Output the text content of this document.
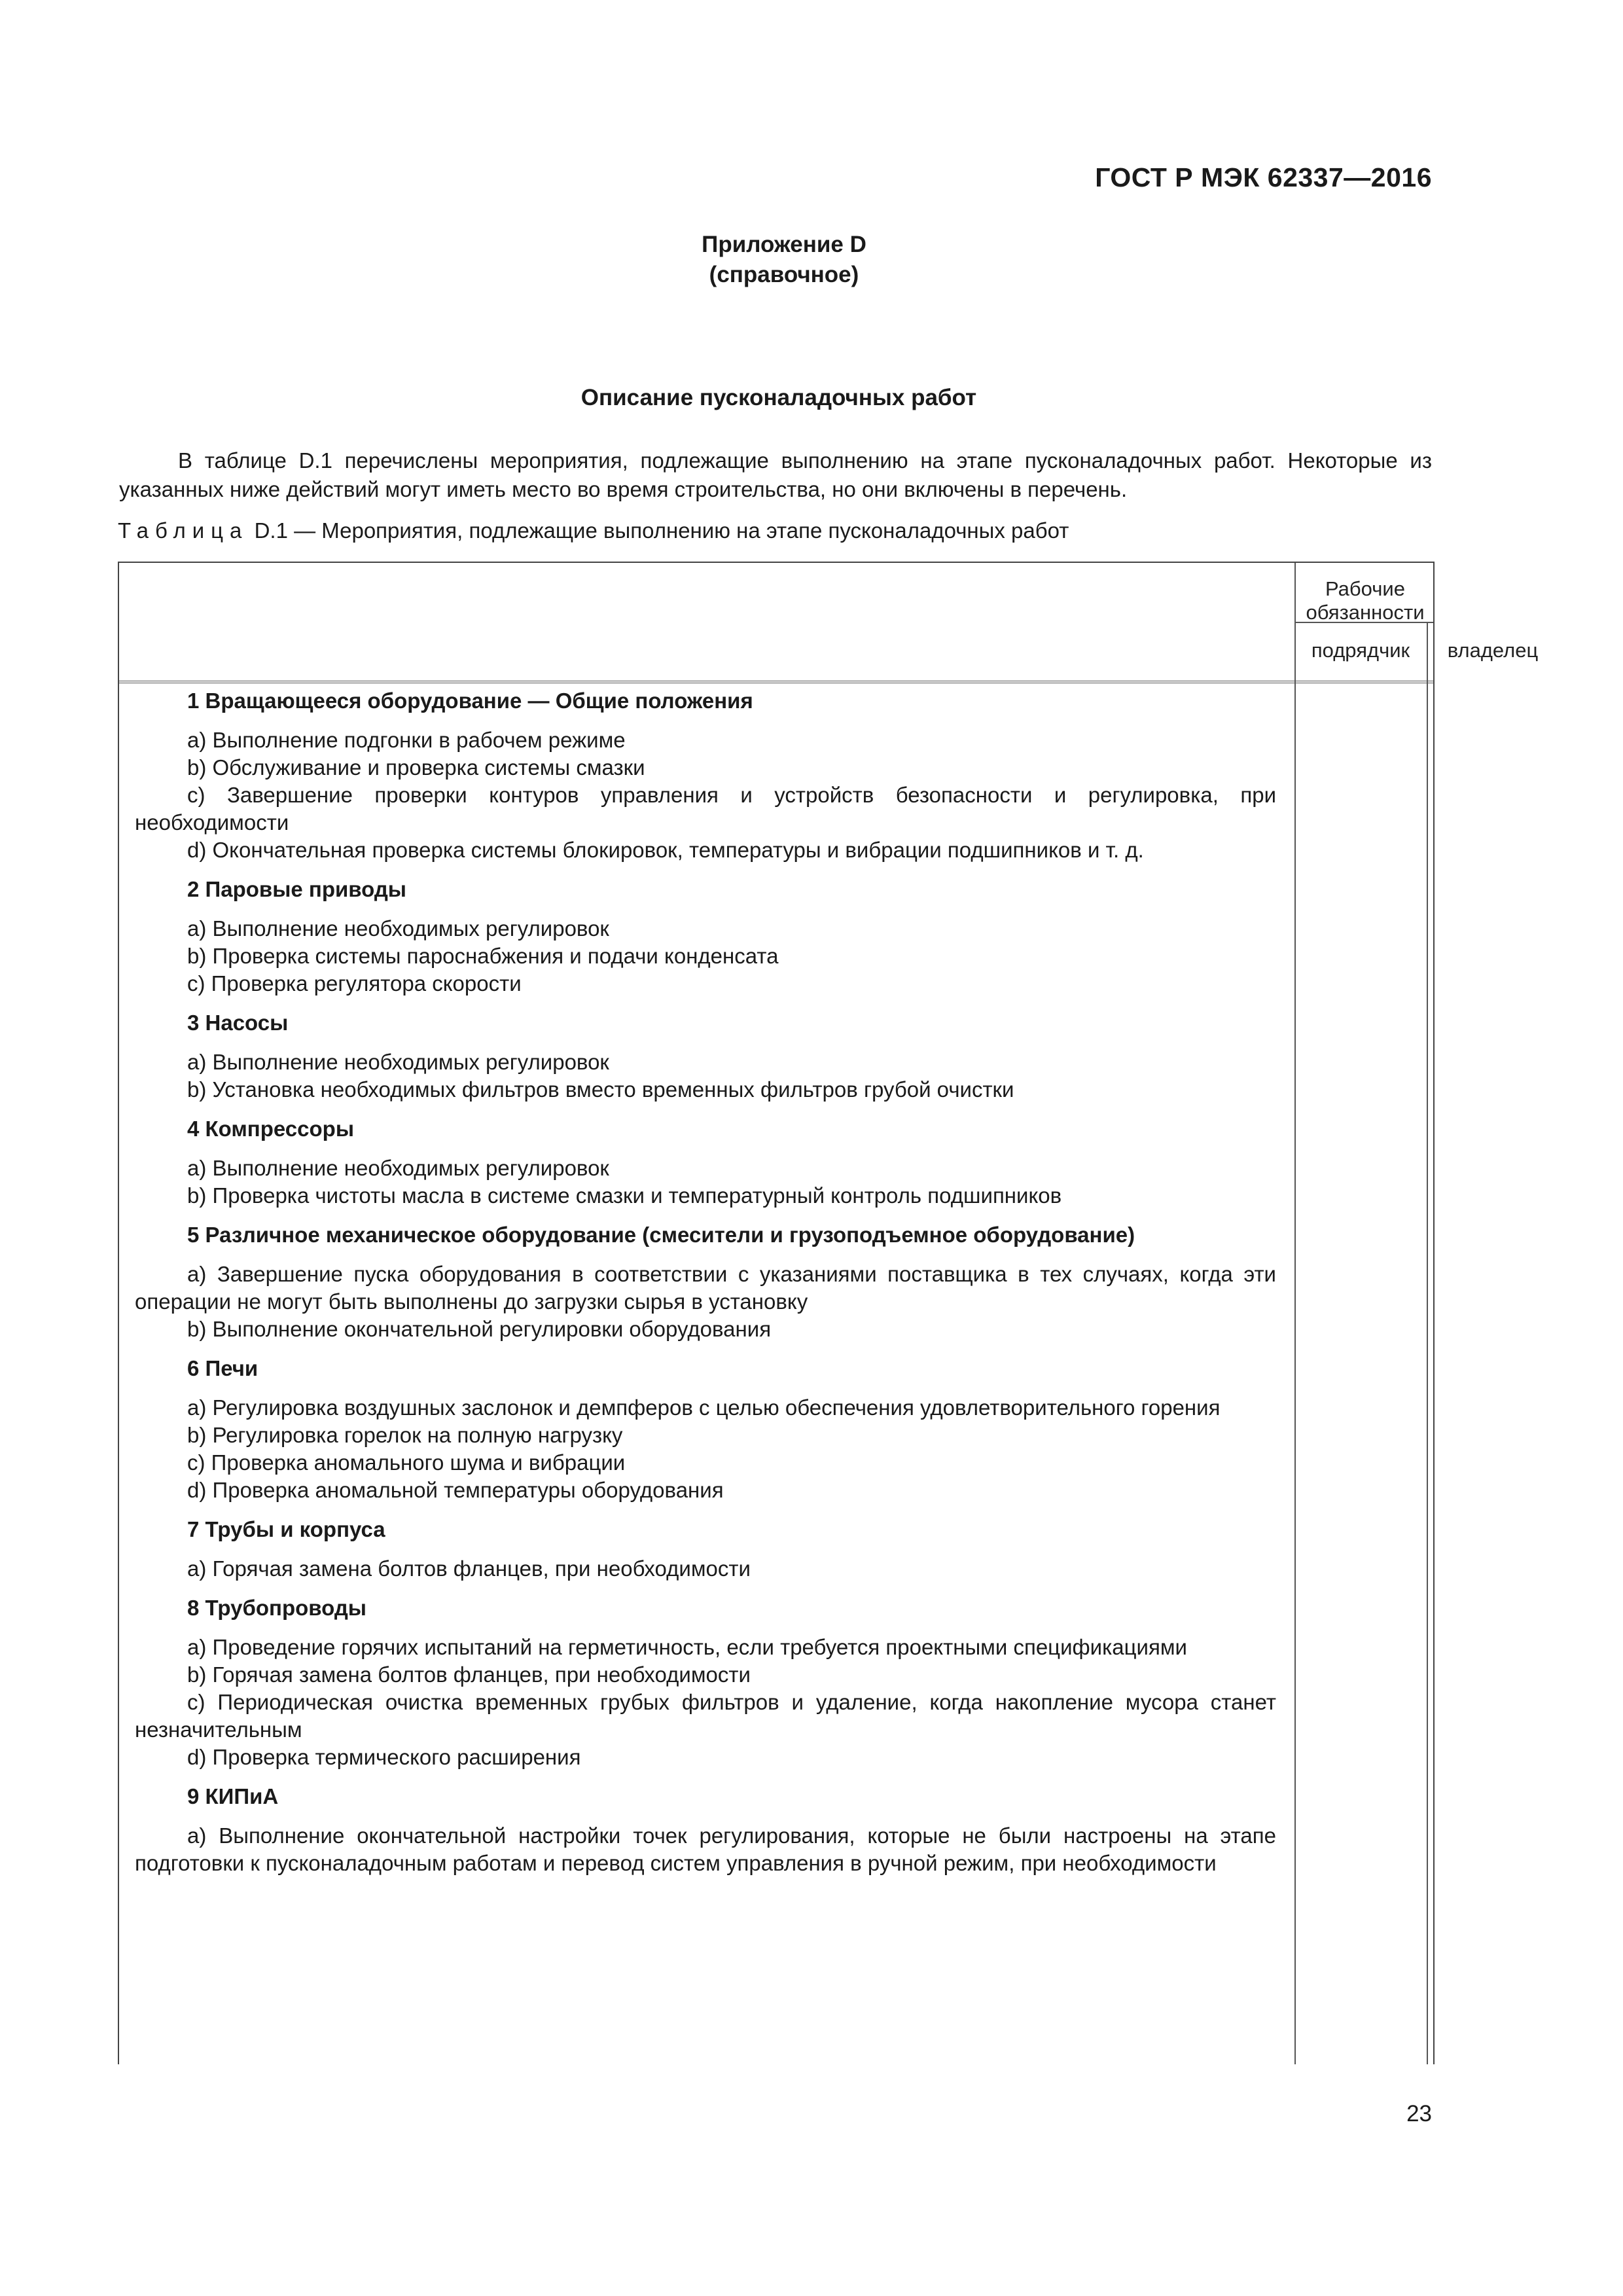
ГОСТ Р МЭК 62337—2016
Приложение D
(справочное)
Описание пусконаладочных работ

В таблице D.1 перечислены мероприятия, подлежащие выполнению на этапе пусконаладочных работ. Некоторые из указанных ниже действий могут иметь место во время строительства, но они включены в перечень.

Таблица D.1 — Мероприятия, подлежащие выполнению на этапе пусконаладочных работ
Рабочие обязанности
подрядчик	владелец
1 Вращающееся оборудование — Общие положения

a) Выполнение подгонки в рабочем режиме

b) Обслуживание и проверка системы смазки

c) Завершение проверки контуров управления и устройств безопасности и регулировка, при необходимости

d) Окончательная проверка системы блокировок, температуры и вибрации подшипников и т. д.

2 Паровые приводы

a) Выполнение необходимых регулировок

b) Проверка системы пароснабжения и подачи конденсата

c) Проверка регулятора скорости

3 Насосы

a) Выполнение необходимых регулировок

b) Установка необходимых фильтров вместо временных фильтров грубой очистки

4 Компрессоры

a) Выполнение необходимых регулировок

b) Проверка чистоты масла в системе смазки и температурный контроль подшипников

5 Различное механическое оборудование (смесители и грузоподъемное оборудование)

a) Завершение пуска оборудования в соответствии с указаниями поставщика в тех случаях, когда эти операции не могут быть выполнены до загрузки сырья в установку

b) Выполнение окончательной регулировки оборудования

6 Печи

a) Регулировка воздушных заслонок и демпферов с целью обеспечения удовлетворительного горения

b) Регулировка горелок на полную нагрузку

c) Проверка аномального шума и вибрации

d) Проверка аномальной температуры оборудования

7 Трубы и корпуса

a) Горячая замена болтов фланцев, при необходимости

8 Трубопроводы

a) Проведение горячих испытаний на герметичность, если требуется проектными спецификациями

b) Горячая замена болтов фланцев, при необходимости

c) Периодическая очистка временных грубых фильтров и удаление, когда накопление мусора станет незначительным

d) Проверка термического расширения

9 КИПиА

a) Выполнение окончательной настройки точек регулирования, которые не были настроены на этапе подготовки к пусконаладочным работам и перевод систем управления в ручной режим, при необходимости

23
